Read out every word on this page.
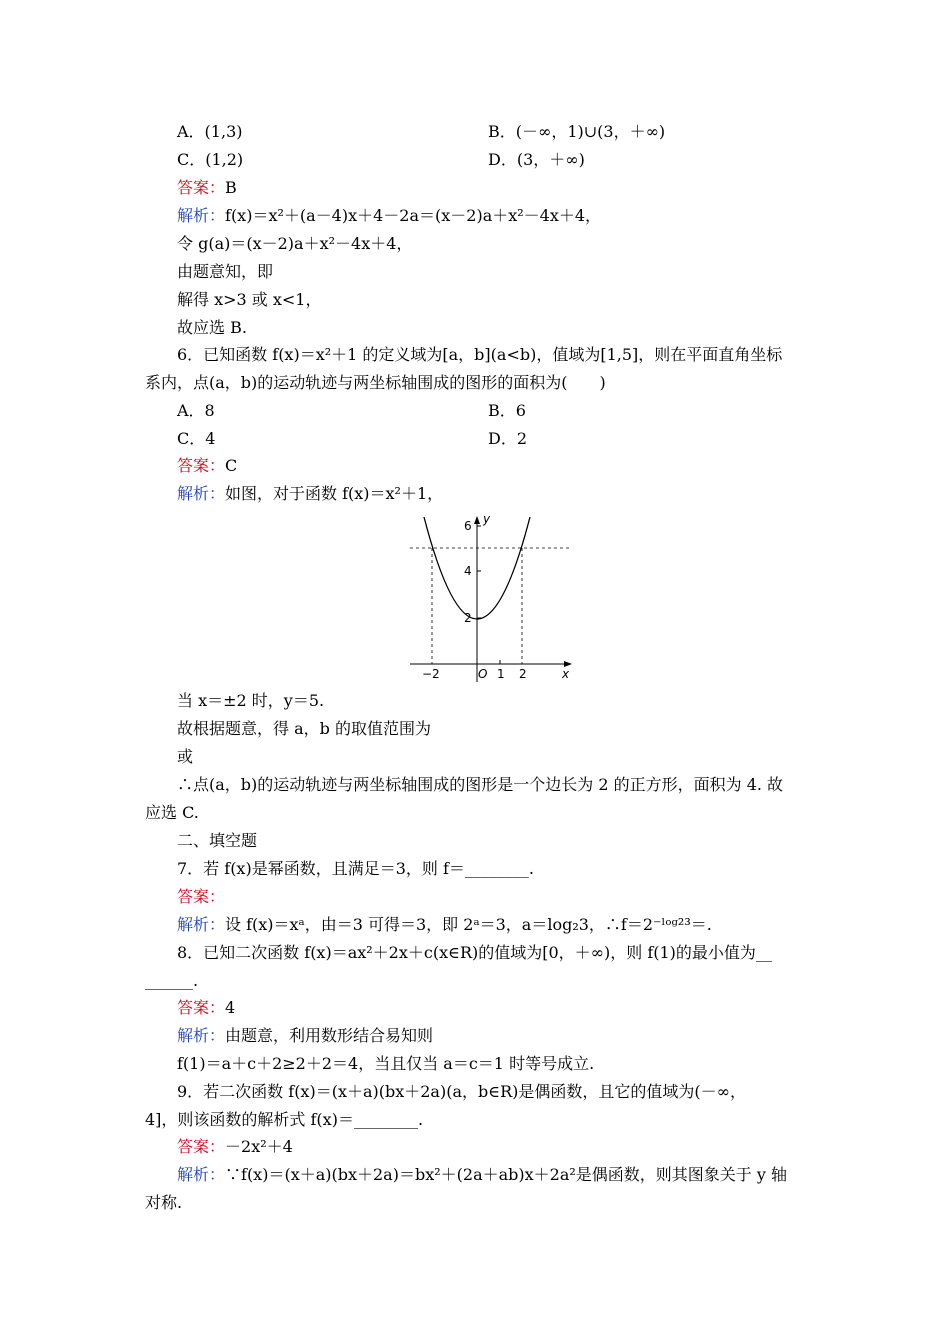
A．(1,3)	B．(－∞，1)∪(3，＋∞)
C．(1,2)	D．(3，＋∞)
答案：B
解析：f(x)＝x²＋(a－4)x＋4－2a＝(x－2)a＋x²－4x＋4，
令 g(a)＝(x－2)a＋x²－4x＋4，
由题意知，即
解得 x>3 或 x<1，
故应选 B.
6．已知函数 f(x)＝x²＋1 的定义域为[a，b](a<b)，值域为[1,5]，则在平面直角坐标
系内，点(a，b)的运动轨迹与两坐标轴围成的图形的面积为(　　)
A．8	B．6
C．4	D．2
答案：C
解析：如图，对于函数 f(x)＝x²＋1，
y
x
O
6
4
2
−2	1 2
当 x＝±2 时，y＝5.
故根据题意，得 a，b 的取值范围为
或
∴点(a，b)的运动轨迹与两坐标轴围成的图形是一个边长为 2 的正方形，面积为 4. 故
应选 C.
二、填空题
7．若 f(x)是幂函数，且满足＝3，则 f＝________.
答案：
解析：设 f(x)＝xᵃ，由＝3 可得＝3，即 2ᵃ＝3，a＝log₂3，∴f＝2⁻ˡᵒᵍ²³＝.
8．已知二次函数 f(x)＝ax²＋2x＋c(x∈R)的值域为[0，＋∞)，则 f(1)的最小值为__
______.
答案：4
解析：由题意，利用数形结合易知则
f(1)＝a＋c＋2≥2＋2＝4，当且仅当 a＝c＝1 时等号成立.
9．若二次函数 f(x)＝(x＋a)(bx＋2a)(a，b∈R)是偶函数，且它的值域为(－∞，
4]，则该函数的解析式 f(x)＝________.
答案：－2x²＋4
解析：∵f(x)＝(x＋a)(bx＋2a)＝bx²＋(2a＋ab)x＋2a²是偶函数，则其图象关于 y 轴
对称.
